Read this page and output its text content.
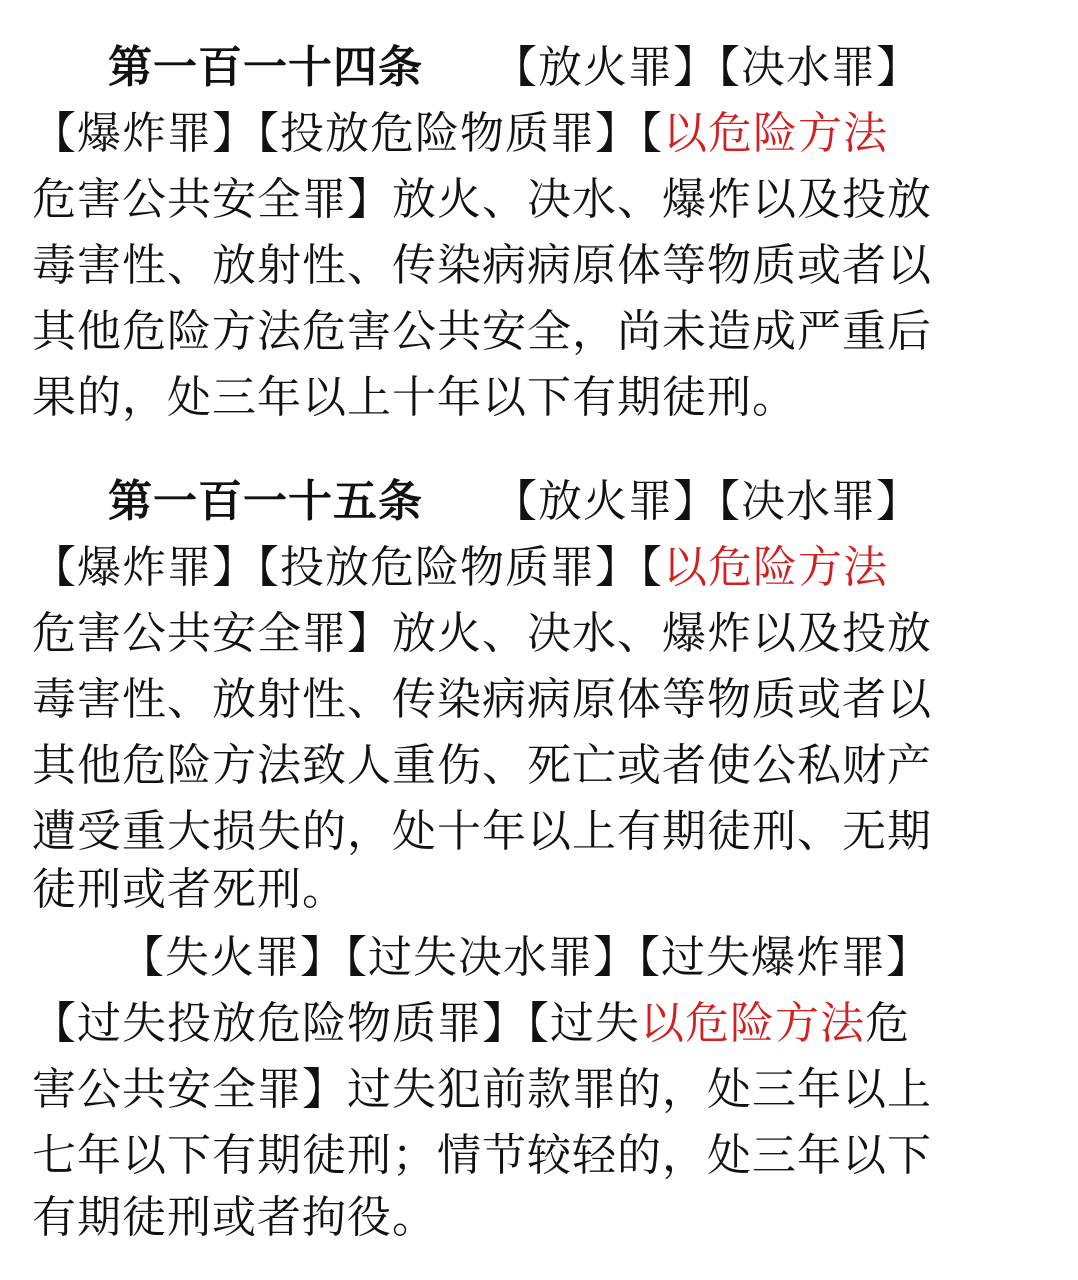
第一百一十四条 【放火罪】【决水罪】

【爆炸罪】【投放危险物质罪】【以危险方法

危害公共安全罪】放火、决水、爆炸以及投放

毒害性、放射性、传染病病原体等物质或者以

其他危险方法危害公共安全，尚未造成严重后

果的，处三年以上十年以下有期徒刑。

第一百一十五条 【放火罪】【决水罪】

【爆炸罪】【投放危险物质罪】【以危险方法

危害公共安全罪】放火、决水、爆炸以及投放

毒害性、放射性、传染病病原体等物质或者以

其他危险方法致人重伤、死亡或者使公私财产

遭受重大损失的，处十年以上有期徒刑、无期

徒刑或者死刑。

【失火罪】【过失决水罪】【过失爆炸罪】

【过失投放危险物质罪】【过失以危险方法危

害公共安全罪】过失犯前款罪的，处三年以上

七年以下有期徒刑；情节较轻的，处三年以下

有期徒刑或者拘役。
